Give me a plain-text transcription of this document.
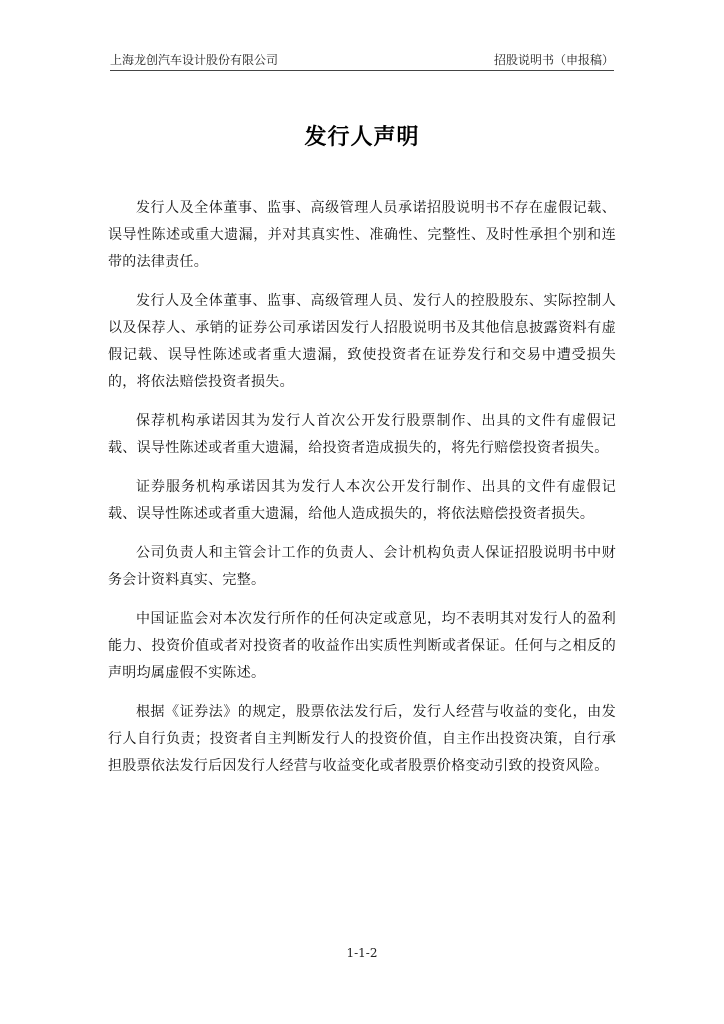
上海龙创汽车设计股份有限公司	招股说明书（申报稿）
发行人声明

发行人及全体董事、监事、高级管理人员承诺招股说明书不存在虚假记载、误导性陈述或重大遗漏，并对其真实性、准确性、完整性、及时性承担个别和连带的法律责任。

发行人及全体董事、监事、高级管理人员、发行人的控股股东、实际控制人以及保荐人、承销的证券公司承诺因发行人招股说明书及其他信息披露资料有虚假记载、误导性陈述或者重大遗漏，致使投资者在证券发行和交易中遭受损失的，将依法赔偿投资者损失。

保荐机构承诺因其为发行人首次公开发行股票制作、出具的文件有虚假记载、误导性陈述或者重大遗漏，给投资者造成损失的，将先行赔偿投资者损失。

证券服务机构承诺因其为发行人本次公开发行制作、出具的文件有虚假记载、误导性陈述或者重大遗漏，给他人造成损失的，将依法赔偿投资者损失。

公司负责人和主管会计工作的负责人、会计机构负责人保证招股说明书中财务会计资料真实、完整。

中国证监会对本次发行所作的任何决定或意见，均不表明其对发行人的盈利能力、投资价值或者对投资者的收益作出实质性判断或者保证。任何与之相反的声明均属虚假不实陈述。

根据《证券法》的规定，股票依法发行后，发行人经营与收益的变化，由发行人自行负责；投资者自主判断发行人的投资价值，自主作出投资决策，自行承担股票依法发行后因发行人经营与收益变化或者股票价格变动引致的投资风险。

1-1-2
